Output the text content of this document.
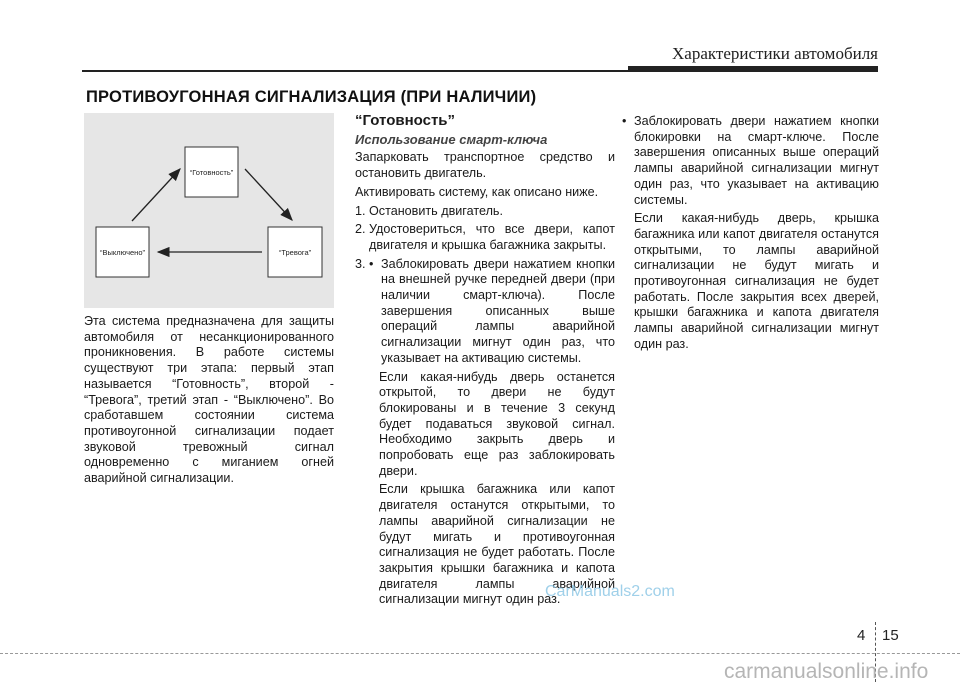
Характеристики автомобиля
ПРОТИВОУГОННАЯ СИГНАЛИЗАЦИЯ (ПРИ НАЛИЧИИ)
“Готовность”
“Выключено”	“Тревога”

Эта система предназначена для защиты автомобиля от несанкционированного проникновения. В работе системы существуют три этапа: первый этап называется “Готовность”, второй - “Тревога”, третий этап - “Выключено”. Во сработавшем состоянии система противоугонной сигнализации подает звуковой тревожный сигнал одновременно с миганием огней аварийной сигнализации.

“Готовность”
Использование смарт-ключа

Запарковать транспортное средство и остановить двигатель.

Активировать систему, как описано ниже.

1. Остановить двигатель.
2. Удостовериться, что все двери, капот двигателя и крышка багажника закрыты.
3. • Заблокировать двери нажатием кнопки на внешней ручке передней двери (при наличии смарт-ключа). После завершения описанных выше операций лампы аварийной сигнализации мигнут один раз, что указывает на активацию системы.

Если какая-нибудь дверь останется открытой, то двери не будут блокированы и в течение 3 секунд будет подаваться звуковой сигнал. Необходимо закрыть дверь и попробовать еще раз заблокировать двери.

Если крышка багажника или капот двигателя останутся открытыми, то лампы аварийной сигнализации не будут мигать и противоугонная сигнализация не будет работать. После закрытия крышки багажника и капота двигателя лампы аварийной сигнализации мигнут один раз.

• Заблокировать двери нажатием кнопки блокировки на смарт-ключе. После завершения описанных выше операций лампы аварийной сигнализации мигнут один раз, что указывает на активацию системы.

Если какая-нибудь дверь, крышка багажника или капот двигателя останутся открытыми, то лампы аварийной сигнализации не будут мигать и противоугонная сигнализация не будет работать. После закрытия всех дверей, крышки багажника и капота двигателя лампы аварийной сигнализации мигнут один раз.

CarManuals2.com
4 15
carmanualsonline.info
